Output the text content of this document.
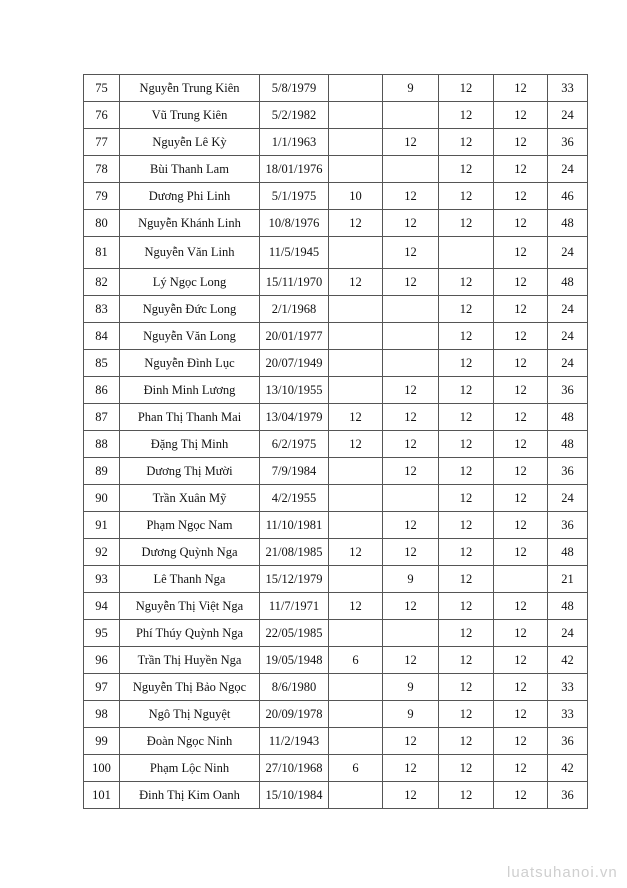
75	Nguyễn Trung Kiên	5/8/1979		9	12	12	33
76	Vũ Trung Kiên	5/2/1982			12	12	24
77	Nguyễn Lê Kỳ	1/1/1963		12	12	12	36
78	Bùi Thanh Lam	18/01/1976			12	12	24
79	Dương Phi Linh	5/1/1975	10	12	12	12	46
80	Nguyễn Khánh Linh	10/8/1976	12	12	12	12	48
81	Nguyễn Văn Linh	11/5/1945		12		12	24
82	Lý Ngọc Long	15/11/1970	12	12	12	12	48
83	Nguyễn Đức Long	2/1/1968			12	12	24
84	Nguyễn Văn Long	20/01/1977			12	12	24
85	Nguyễn Đình Lục	20/07/1949			12	12	24
86	Đinh Minh Lương	13/10/1955		12	12	12	36
87	Phan Thị Thanh Mai	13/04/1979	12	12	12	12	48
88	Đặng Thị Minh	6/2/1975	12	12	12	12	48
89	Dương Thị Mười	7/9/1984		12	12	12	36
90	Trần Xuân Mỹ	4/2/1955			12	12	24
91	Phạm Ngọc Nam	11/10/1981		12	12	12	36
92	Dương Quỳnh Nga	21/08/1985	12	12	12	12	48
93	Lê Thanh Nga	15/12/1979		9	12		21
94	Nguyễn Thị Việt Nga	11/7/1971	12	12	12	12	48
95	Phí Thúy Quỳnh Nga	22/05/1985			12	12	24
96	Trần Thị Huyền Nga	19/05/1948	6	12	12	12	42
97	Nguyễn Thị Bảo Ngọc	8/6/1980		9	12	12	33
98	Ngô Thị Nguyệt	20/09/1978		9	12	12	33
99	Đoàn Ngọc Ninh	11/2/1943		12	12	12	36
100	Phạm Lộc Ninh	27/10/1968	6	12	12	12	42
101	Đinh Thị Kim Oanh	15/10/1984		12	12	12	36
luatsuhanoi.vn
